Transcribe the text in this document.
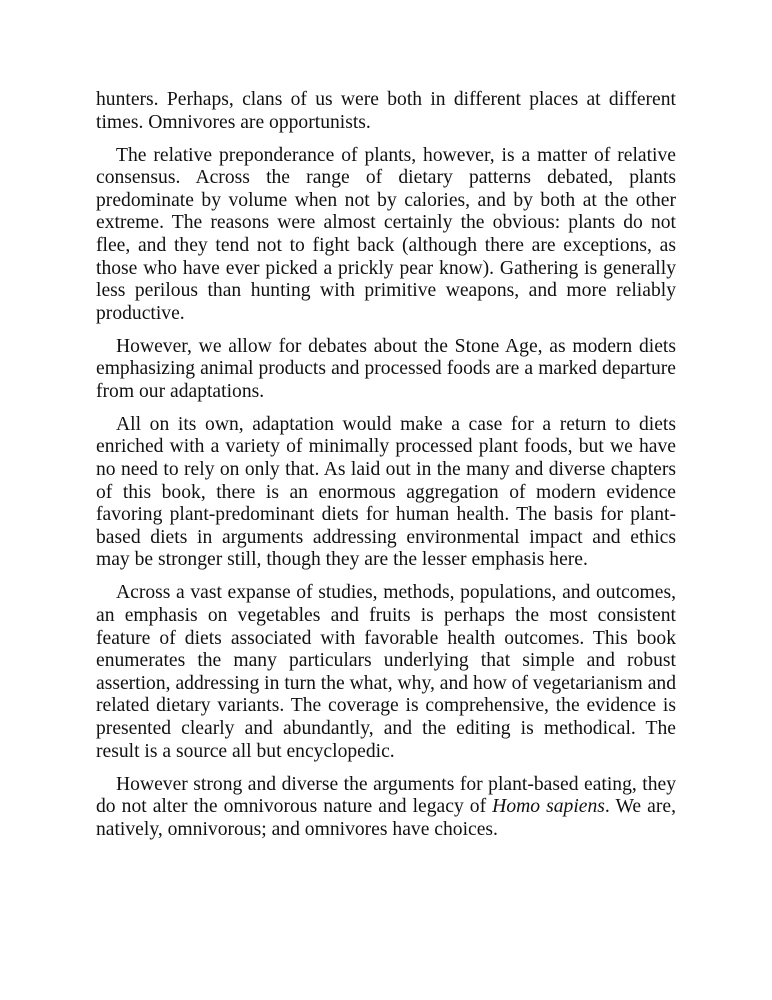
hunters. Perhaps, clans of us were both in different places at different times. Omnivores are opportunists.

The relative preponderance of plants, however, is a matter of relative consensus. Across the range of dietary patterns debated, plants predominate by volume when not by calories, and by both at the other extreme. The reasons were almost certainly the obvious: plants do not flee, and they tend not to fight back (although there are exceptions, as those who have ever picked a prickly pear know). Gathering is generally less perilous than hunting with primitive weapons, and more reliably productive.

However, we allow for debates about the Stone Age, as modern diets emphasizing animal products and processed foods are a marked departure from our adaptations.

All on its own, adaptation would make a case for a return to diets enriched with a variety of minimally processed plant foods, but we have no need to rely on only that. As laid out in the many and diverse chapters of this book, there is an enormous aggregation of modern evidence favoring plant-predominant diets for human health. The basis for plant-based diets in arguments addressing environmental impact and ethics may be stronger still, though they are the lesser emphasis here.

Across a vast expanse of studies, methods, populations, and outcomes, an emphasis on vegetables and fruits is perhaps the most consistent feature of diets associated with favorable health outcomes. This book enumerates the many particulars underlying that simple and robust assertion, addressing in turn the what, why, and how of vegetarianism and related dietary variants. The coverage is comprehensive, the evidence is presented clearly and abundantly, and the editing is methodical. The result is a source all but encyclopedic.

However strong and diverse the arguments for plant-based eating, they do not alter the omnivorous nature and legacy of Homo sapiens. We are, natively, omnivorous; and omnivores have choices.
